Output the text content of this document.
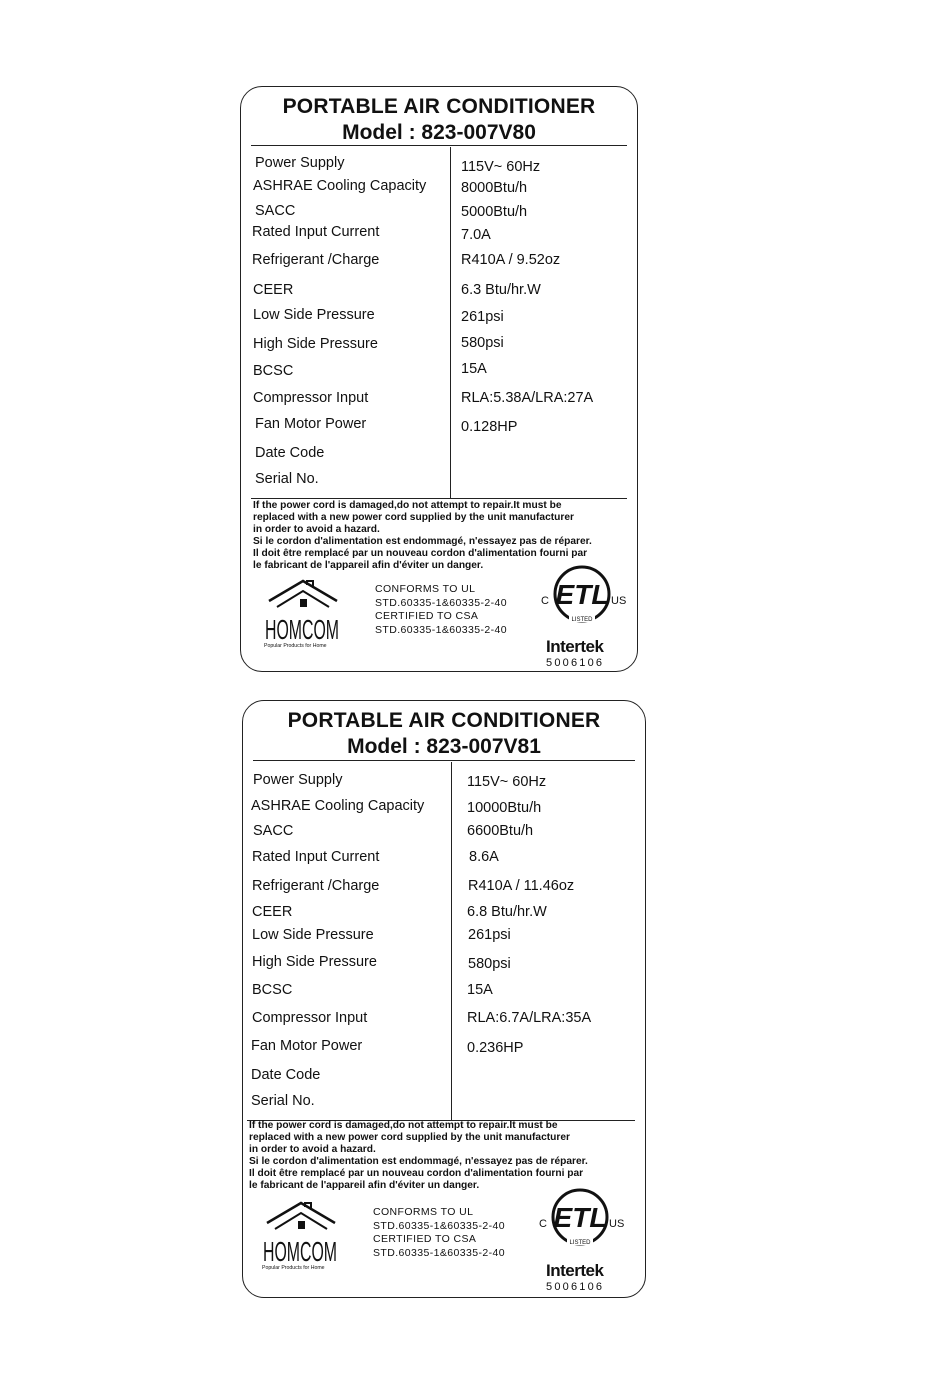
PORTABLE AIR CONDITIONER
Model : 823-007V80
Power Supply	115V~ 60Hz
ASHRAE Cooling Capacity 8000Btu/h
SACC	5000Btu/h
Rated Input Current	7.0A
Refrigerant /Charge	R410A / 9.52oz
CEER	6.3 Btu/hr.W
Low Side Pressure	261psi
High Side Pressure	580psi
BCSC	15A
Compressor Input	RLA:5.38A/LRA:27A
Fan Motor Power	0.128HP
Date Code
Serial No.
If the power cord is damaged,do not attempt to repair.It must be
replaced with a new power cord supplied by the unit manufacturer
in order to avoid a hazard.
Si le cordon d'alimentation est endommagé, n'essayez pas de réparer.
Il doit être remplacé par un nouveau cordon d'alimentation fourni par
le fabricant de l'appareil afin d'éviter un danger.
HOMCOM
Popular Products for Home
CONFORMS TO UL
STD.60335-1&60335-2-40
CERTIFIED TO CSA
STD.60335-1&60335-2-40
ETL
LISTED
C	US
Intertek
5006106
PORTABLE AIR CONDITIONER
Model : 823-007V81
Power Supply	115V~ 60Hz
ASHRAE Cooling Capacity	10000Btu/h
SACC	6600Btu/h
Rated Input Current	8.6A
Refrigerant /Charge	R410A / 11.46oz
CEER	6.8 Btu/hr.W
Low Side Pressure	261psi
High Side Pressure	580psi
BCSC	15A
Compressor Input	RLA:6.7A/LRA:35A
Fan Motor Power	0.236HP
Date Code
Serial No.
If the power cord is damaged,do not attempt to repair.It must be
replaced with a new power cord supplied by the unit manufacturer
in order to avoid a hazard.
Si le cordon d'alimentation est endommagé, n'essayez pas de réparer.
Il doit être remplacé par un nouveau cordon d'alimentation fourni par
le fabricant de l'appareil afin d'éviter un danger.
HOMCOM
Popular Products for Home
CONFORMS TO UL
STD.60335-1&60335-2-40
CERTIFIED TO CSA
STD.60335-1&60335-2-40
ETL
LISTED
C	US
Intertek
5006106
